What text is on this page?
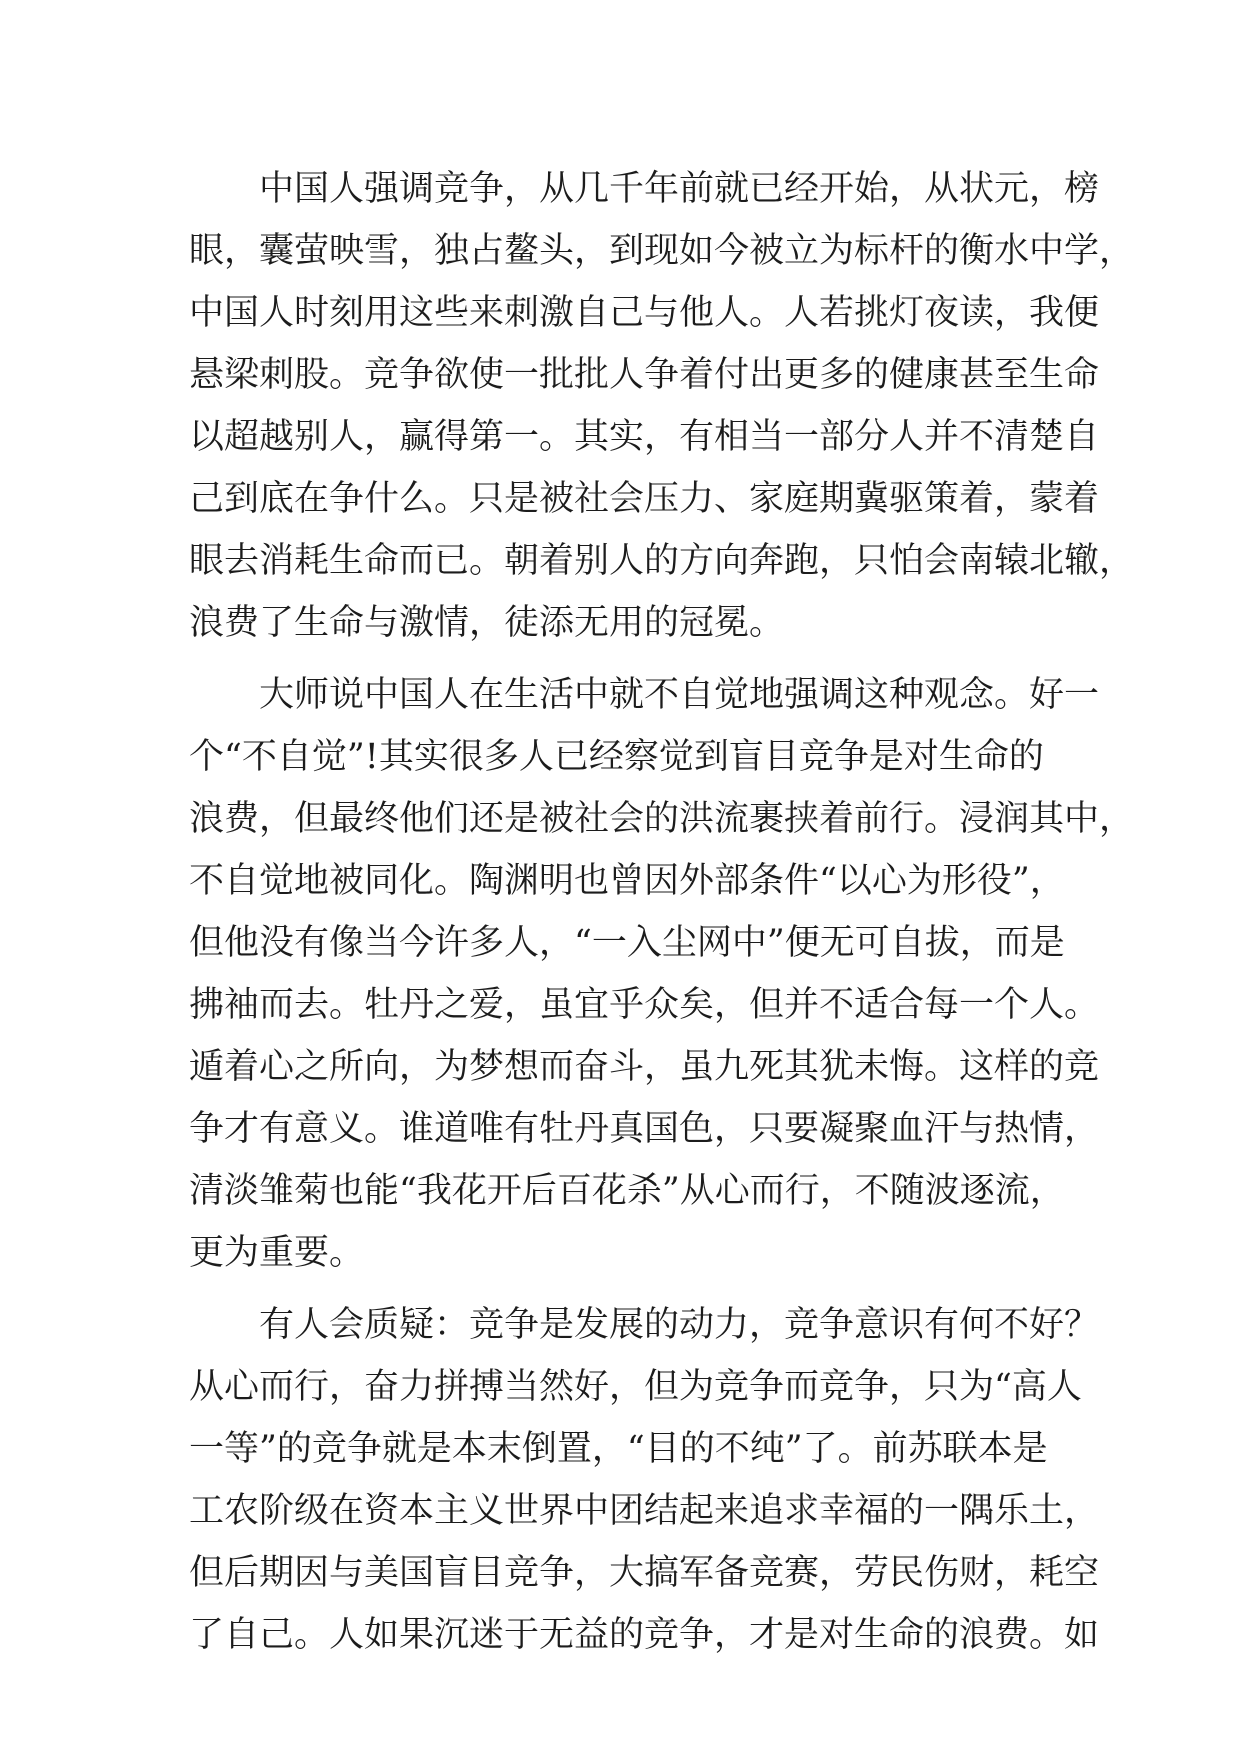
　　中国人强调竞争，从几千年前就已经开始，从状元，榜
眼，囊萤映雪，独占鳌头，到现如今被立为标杆的衡水中学，
中国人时刻用这些来刺激自己与他人。人若挑灯夜读，我便
悬梁刺股。竞争欲使一批批人争着付出更多的健康甚至生命
以超越别人，赢得第一。其实，有相当一部分人并不清楚自
己到底在争什么。只是被社会压力、家庭期冀驱策着，蒙着
眼去消耗生命而已。朝着别人的方向奔跑，只怕会南辕北辙，
浪费了生命与激情，徒添无用的冠冕。
　　大师说中国人在生活中就不自觉地强调这种观念。好一
个“不自觉”!其实很多人已经察觉到盲目竞争是对生命的
浪费，但最终他们还是被社会的洪流裹挟着前行。浸润其中，
不自觉地被同化。陶渊明也曾因外部条件“以心为形役”，
但他没有像当今许多人，“一入尘网中”便无可自拔，而是
拂袖而去。牡丹之爱，虽宜乎众矣，但并不适合每一个人。
遁着心之所向，为梦想而奋斗，虽九死其犹未悔。这样的竞
争才有意义。谁道唯有牡丹真国色，只要凝聚血汗与热情，
清淡雏菊也能“我花开后百花杀”从心而行，不随波逐流，
更为重要。
　　有人会质疑：竞争是发展的动力，竞争意识有何不好？
从心而行，奋力拼搏当然好，但为竞争而竞争，只为“高人
一等”的竞争就是本末倒置，“目的不纯”了。前苏联本是
工农阶级在资本主义世界中团结起来追求幸福的一隅乐土，
但后期因与美国盲目竞争，大搞军备竞赛，劳民伤财，耗空
了自己。人如果沉迷于无益的竞争，才是对生命的浪费。如
